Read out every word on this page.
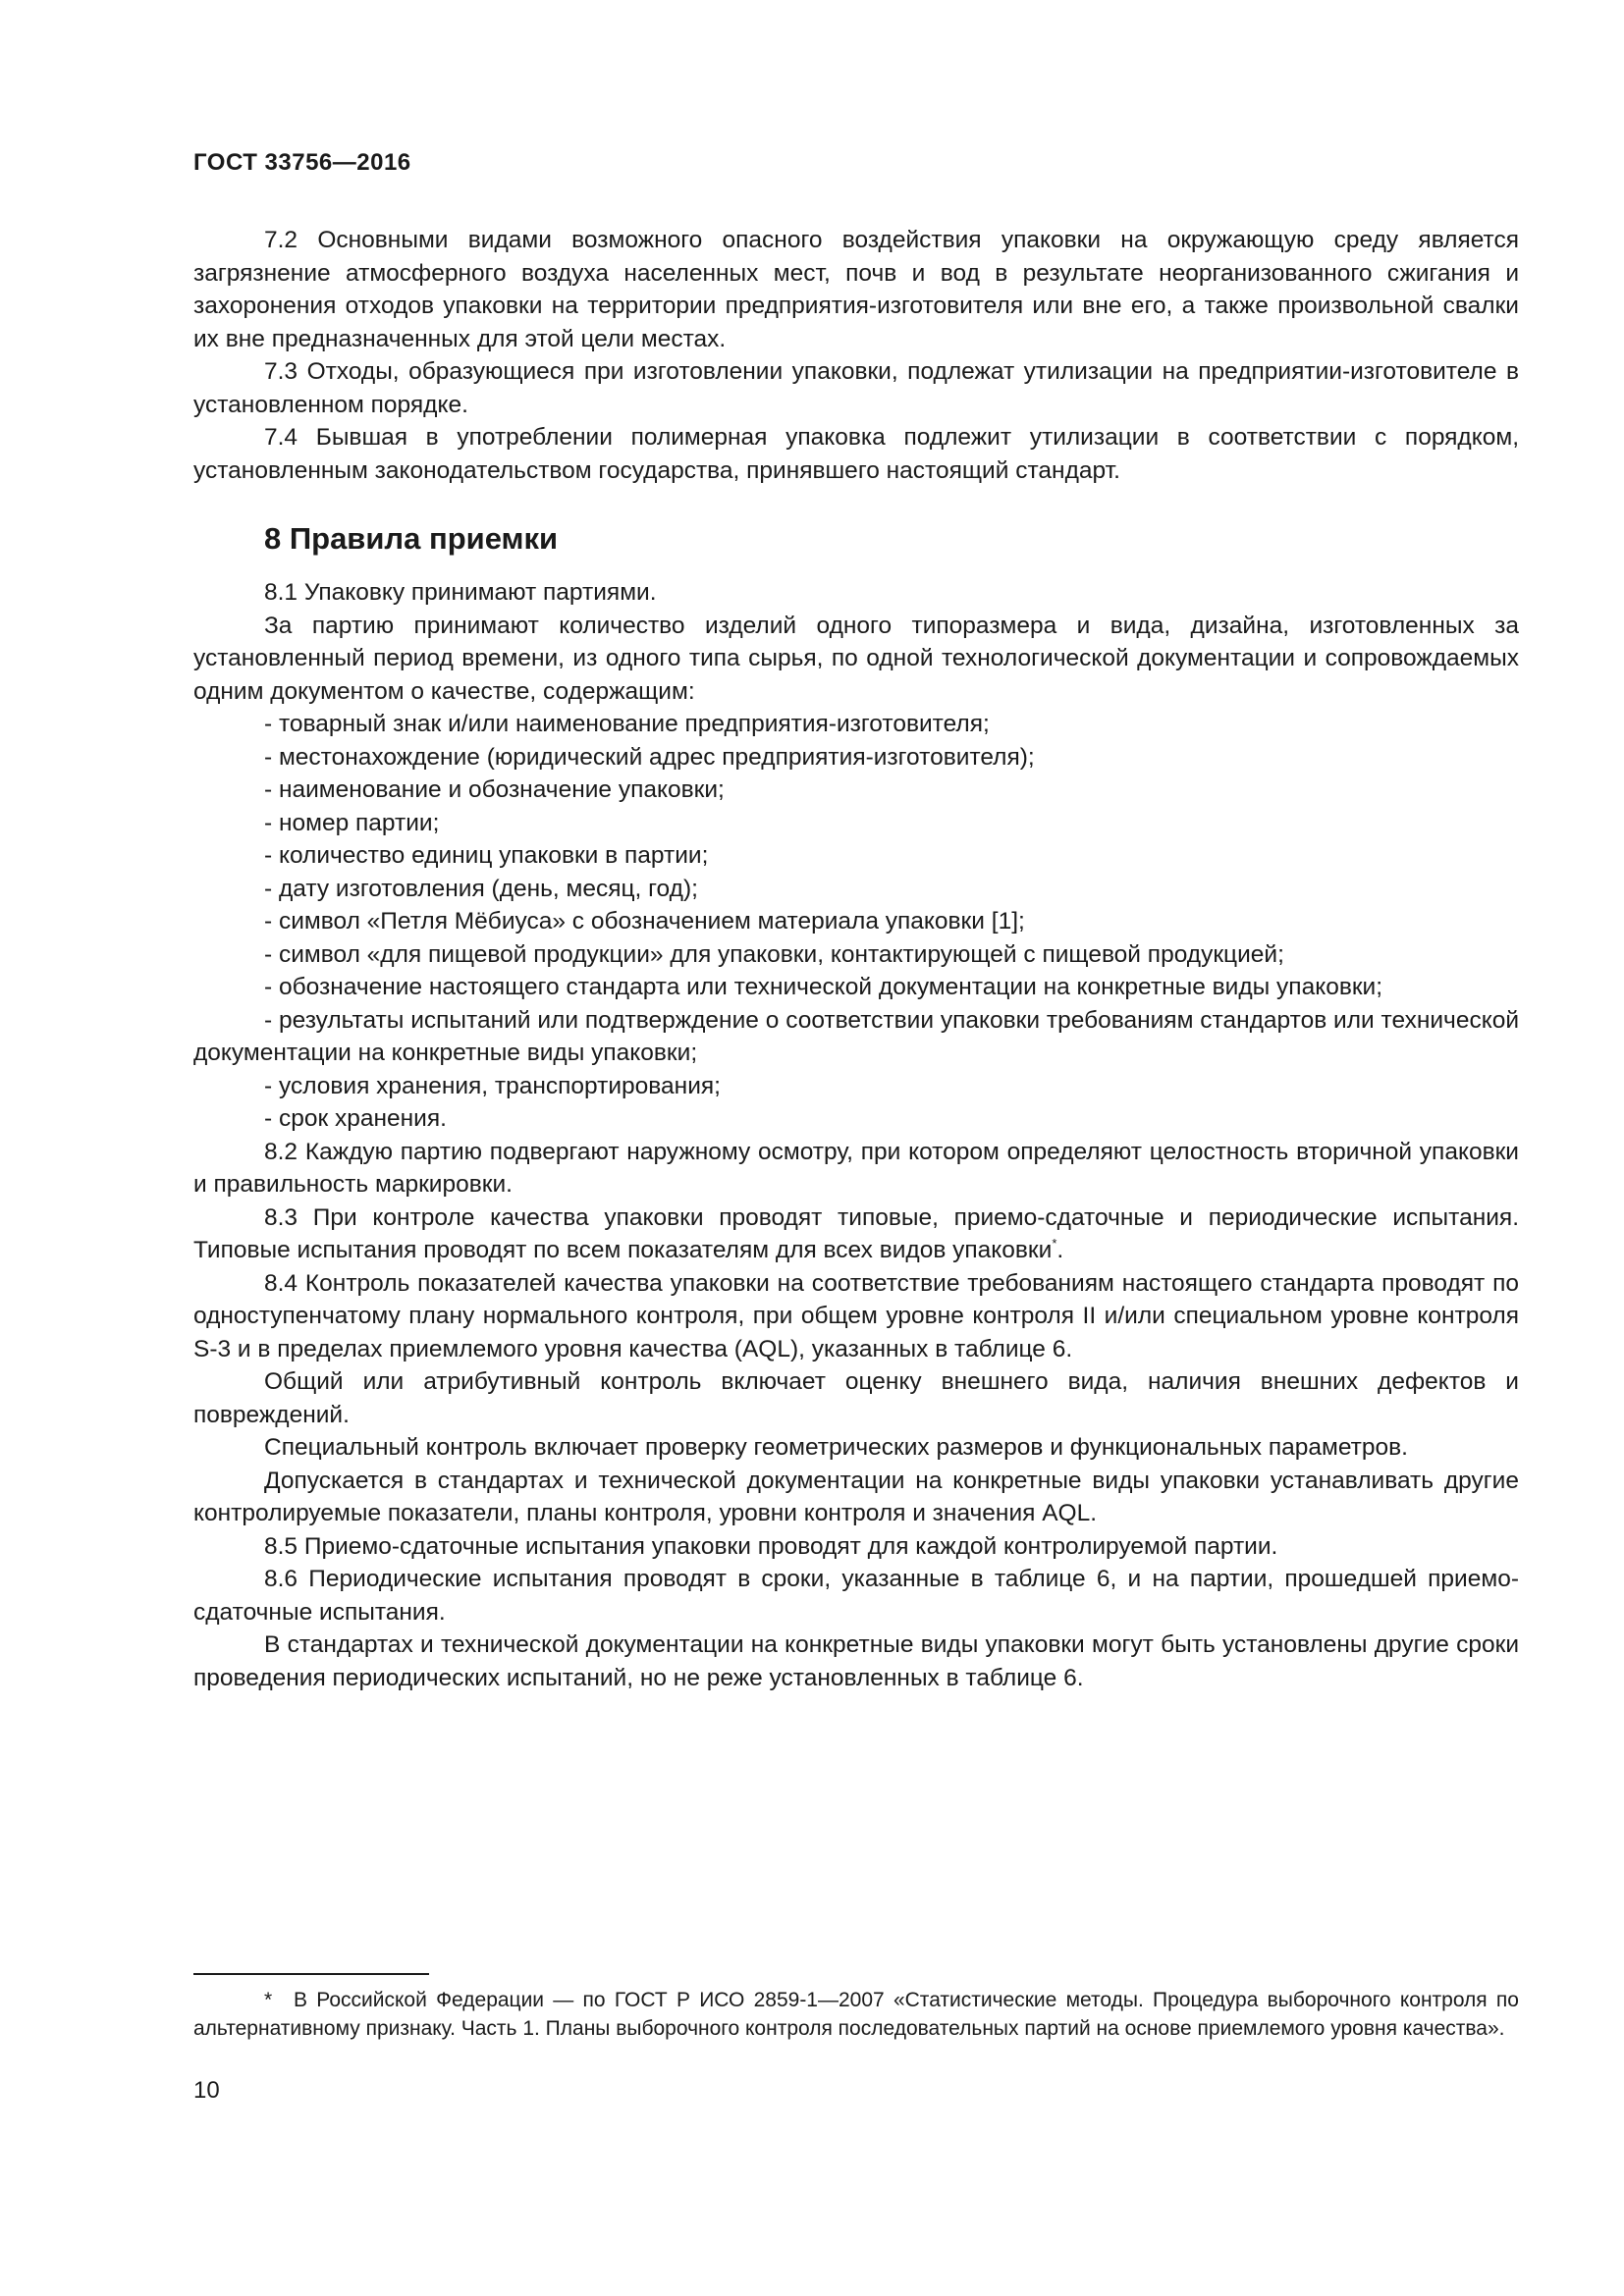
ГОСТ 33756—2016

7.2 Основными видами возможного опасного воздействия упаковки на окружающую среду является загрязнение атмосферного воздуха населенных мест, почв и вод в результате неорганизованного сжигания и захоронения отходов упаковки на территории предприятия-изготовителя или вне его, а также произвольной свалки их вне предназначенных для этой цели местах.

7.3 Отходы, образующиеся при изготовлении упаковки, подлежат утилизации на предприятии-изготовителе в установленном порядке.

7.4 Бывшая в употреблении полимерная упаковка подлежит утилизации в соответствии с порядком, установленным законодательством государства, принявшего настоящий стандарт.

8 Правила приемки

8.1 Упаковку принимают партиями.

За партию принимают количество изделий одного типоразмера и вида, дизайна, изготовленных за установленный период времени, из одного типа сырья, по одной технологической документации и сопровождаемых одним документом о качестве, содержащим:

- товарный знак и/или наименование предприятия-изготовителя;

- местонахождение (юридический адрес предприятия-изготовителя);

- наименование и обозначение упаковки;

- номер партии;

- количество единиц упаковки в партии;

- дату изготовления (день, месяц, год);

- символ «Петля Мёбиуса» с обозначением материала упаковки [1];

- символ «для пищевой продукции» для упаковки, контактирующей с пищевой продукцией;

- обозначение настоящего стандарта или технической документации на конкретные виды упаковки;

- результаты испытаний или подтверждение о соответствии упаковки требованиям стандартов или технической документации на конкретные виды упаковки;

- условия хранения, транспортирования;

- срок хранения.

8.2 Каждую партию подвергают наружному осмотру, при котором определяют целостность вторичной упаковки и правильность маркировки.

8.3 При контроле качества упаковки проводят типовые, приемо-сдаточные и периодические испытания. Типовые испытания проводят по всем показателям для всех видов упаковки*.

8.4 Контроль показателей качества упаковки на соответствие требованиям настоящего стандарта проводят по одноступенчатому плану нормального контроля, при общем уровне контроля II и/или специальном уровне контроля S-3 и в пределах приемлемого уровня качества (AQL), указанных в таблице 6.

Общий или атрибутивный контроль включает оценку внешнего вида, наличия внешних дефектов и повреждений.

Специальный контроль включает проверку геометрических размеров и функциональных параметров.

Допускается в стандартах и технической документации на конкретные виды упаковки устанавливать другие контролируемые показатели, планы контроля, уровни контроля и значения AQL.

8.5 Приемо-сдаточные испытания упаковки проводят для каждой контролируемой партии.

8.6 Периодические испытания проводят в сроки, указанные в таблице 6, и на партии, прошедшей приемо-сдаточные испытания.

В стандартах и технической документации на конкретные виды упаковки могут быть установлены другие сроки проведения периодических испытаний, но не реже установленных в таблице 6.

* В Российской Федерации — по ГОСТ Р ИСО 2859-1—2007 «Статистические методы. Процедура выборочного контроля по альтернативному признаку. Часть 1. Планы выборочного контроля последовательных партий на основе приемлемого уровня качества».

10
